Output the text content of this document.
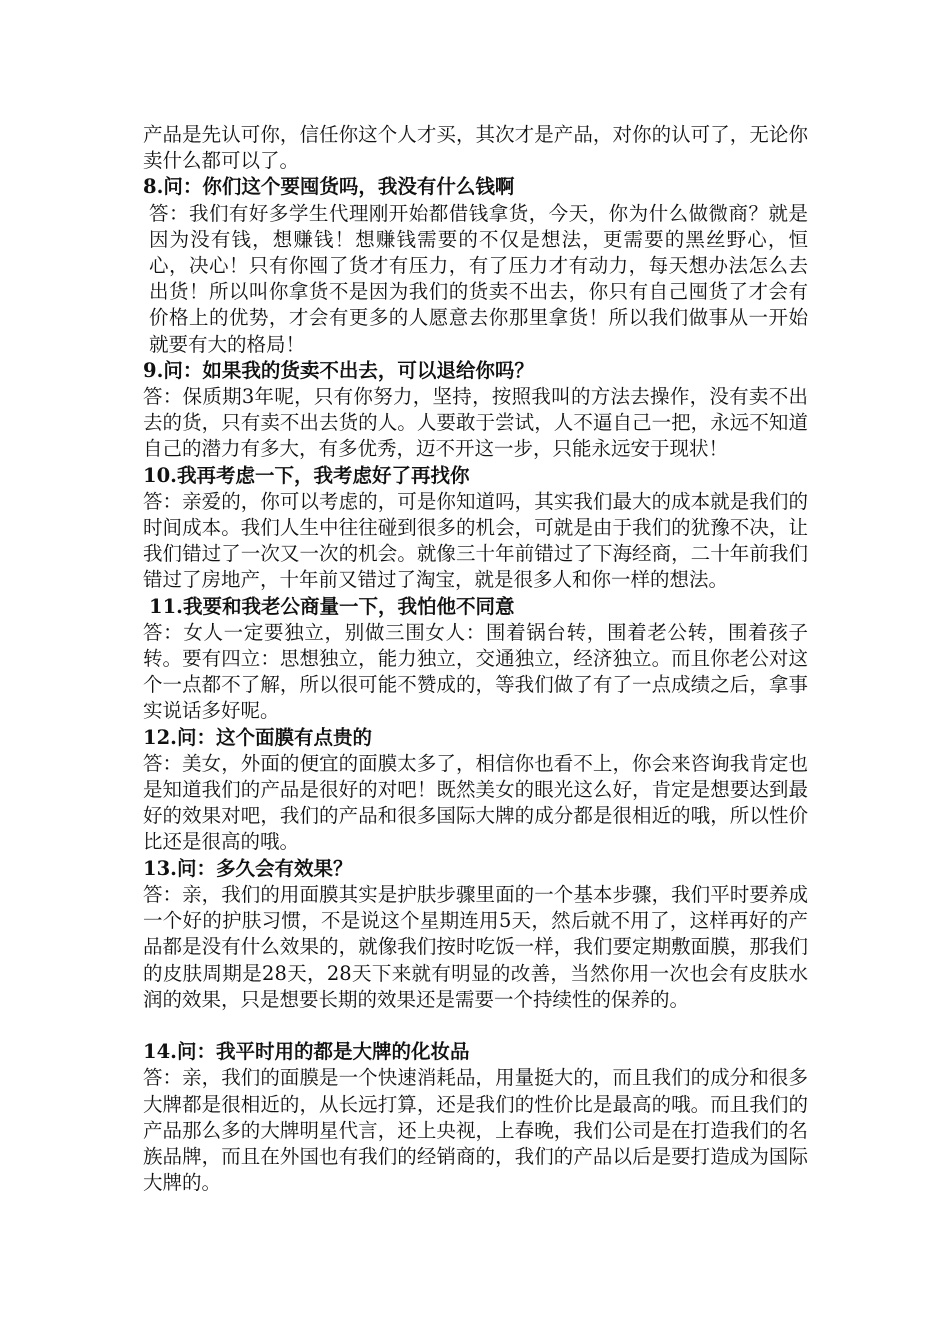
产品是先认可你，信任你这个人才买，其次才是产品，对你的认可了，无论你卖什么都可以了。

8.问：你们这个要囤货吗，我没有什么钱啊

答：我们有好多学生代理刚开始都借钱拿货，今天，你为什么做微商？就是因为没有钱，想赚钱！想赚钱需要的不仅是想法，更需要的黑丝野心，恒心，决心！只有你囤了货才有压力，有了压力才有动力，每天想办法怎么去出货！所以叫你拿货不是因为我们的货卖不出去，你只有自己囤货了才会有价格上的优势，才会有更多的人愿意去你那里拿货！所以我们做事从一开始就要有大的格局！

9.问：如果我的货卖不出去，可以退给你吗？

答：保质期3年呢，只有你努力，坚持，按照我叫的方法去操作，没有卖不出去的货，只有卖不出去货的人。人要敢于尝试，人不逼自己一把，永远不知道自己的潜力有多大，有多优秀，迈不开这一步，只能永远安于现状！

10.我再考虑一下，我考虑好了再找你

答：亲爱的，你可以考虑的，可是你知道吗，其实我们最大的成本就是我们的时间成本。我们人生中往往碰到很多的机会，可就是由于我们的犹豫不决，让我们错过了一次又一次的机会。就像三十年前错过了下海经商，二十年前我们错过了房地产，十年前又错过了淘宝，就是很多人和你一样的想法。

11.我要和我老公商量一下，我怕他不同意

答：女人一定要独立，别做三围女人：围着锅台转，围着老公转，围着孩子转。要有四立：思想独立，能力独立，交通独立，经济独立。而且你老公对这个一点都不了解，所以很可能不赞成的，等我们做了有了一点成绩之后，拿事实说话多好呢。

12.问：这个面膜有点贵的

答：美女，外面的便宜的面膜太多了，相信你也看不上，你会来咨询我肯定也是知道我们的产品是很好的对吧！既然美女的眼光这么好，肯定是想要达到最好的效果对吧，我们的产品和很多国际大牌的成分都是很相近的哦，所以性价比还是很高的哦。

13.问：多久会有效果？

答：亲，我们的用面膜其实是护肤步骤里面的一个基本步骤，我们平时要养成一个好的护肤习惯，不是说这个星期连用5天，然后就不用了，这样再好的产品都是没有什么效果的，就像我们按时吃饭一样，我们要定期敷面膜，那我们的皮肤周期是28天，28天下来就有明显的改善，当然你用一次也会有皮肤水润的效果，只是想要长期的效果还是需要一个持续性的保养的。

14.问：我平时用的都是大牌的化妆品

答：亲，我们的面膜是一个快速消耗品，用量挺大的，而且我们的成分和很多大牌都是很相近的，从长远打算，还是我们的性价比是最高的哦。而且我们的产品那么多的大牌明星代言，还上央视，上春晚，我们公司是在打造我们的名族品牌，而且在外国也有我们的经销商的，我们的产品以后是要打造成为国际大牌的。
